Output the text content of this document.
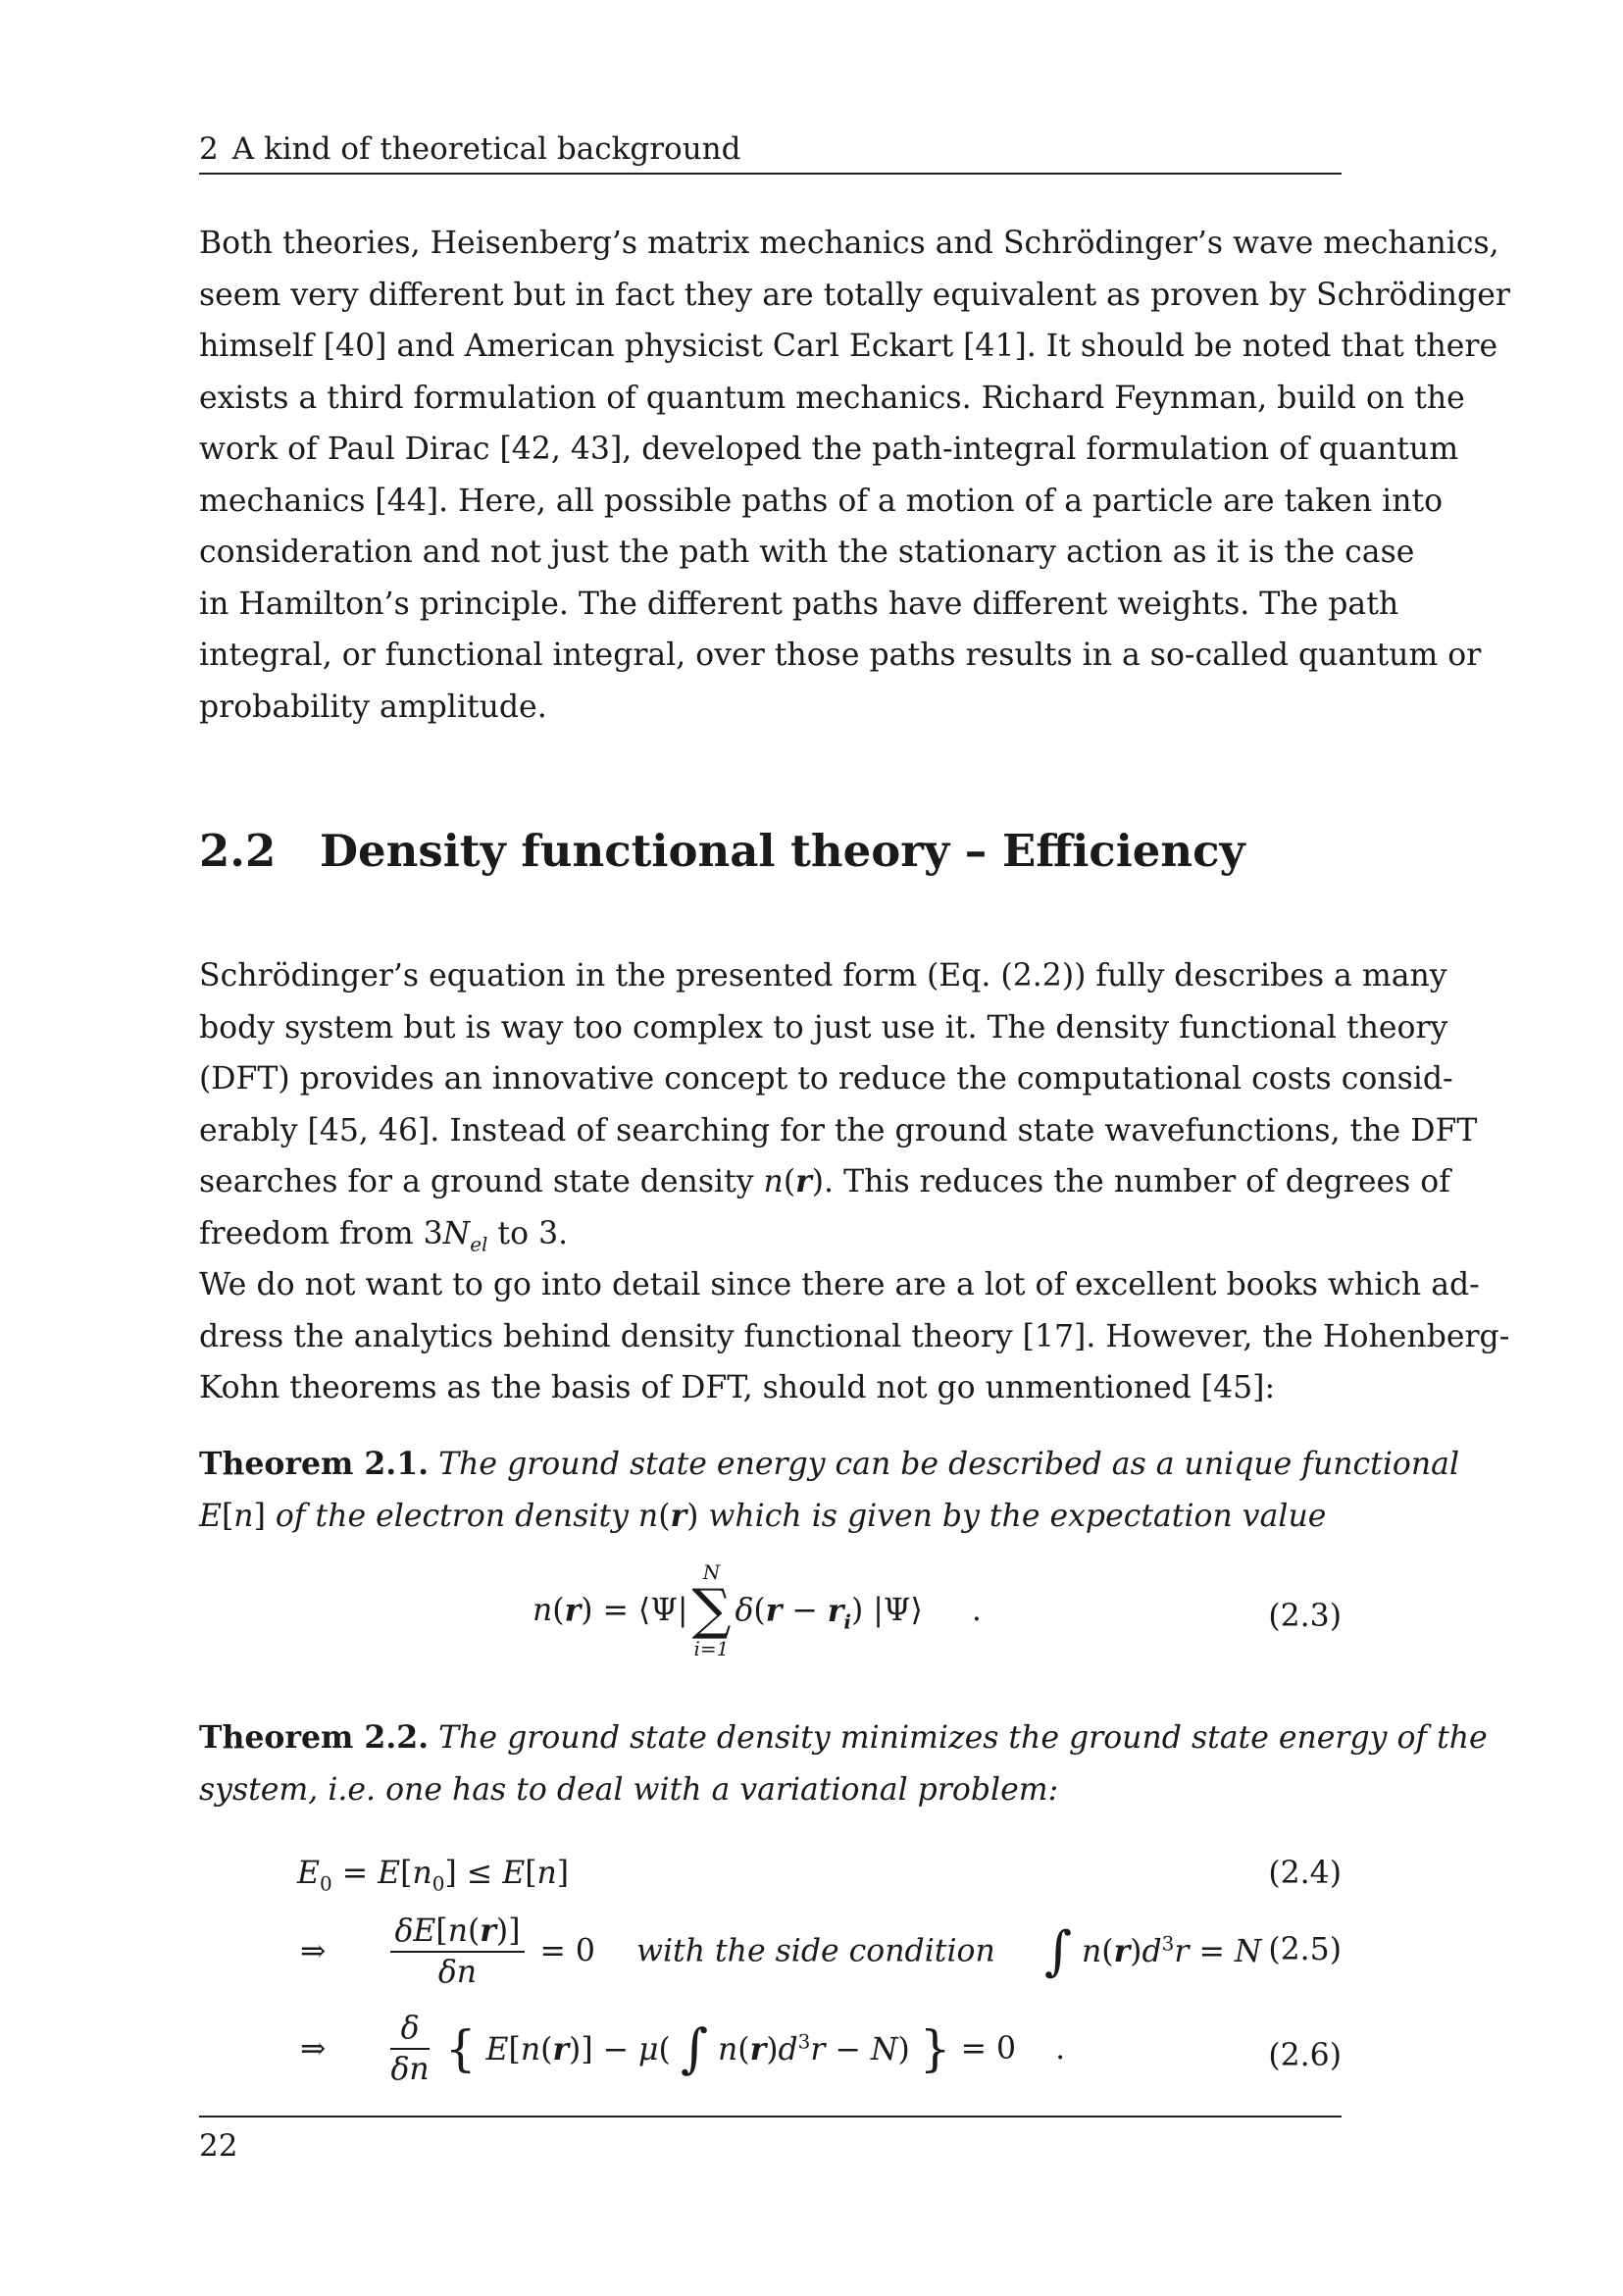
2 A kind of theoretical background
Both theories, Heisenberg’s matrix mechanics and Schrödinger’s wave mechanics,
seem very different but in fact they are totally equivalent as proven by Schrödinger
himself [40] and American physicist Carl Eckart [41]. It should be noted that there
exists a third formulation of quantum mechanics. Richard Feynman, build on the
work of Paul Dirac [42, 43], developed the path-integral formulation of quantum
mechanics [44]. Here, all possible paths of a motion of a particle are taken into
consideration and not just the path with the stationary action as it is the case
in Hamilton’s principle. The different paths have different weights. The path
integral, or functional integral, over those paths results in a so-called quantum or
probability amplitude.
2.2 Density functional theory – Efficiency
Schrödinger’s equation in the presented form (Eq. (2.2)) fully describes a many
body system but is way too complex to just use it. The density functional theory
(DFT) provides an innovative concept to reduce the computational costs consid-
erably [45, 46]. Instead of searching for the ground state wavefunctions, the DFT
searches for a ground state density n(r). This reduces the number of degrees of
freedom from $3N_{el}$ to 3.
We do not want to go into detail since there are a lot of excellent books which ad-
dress the analytics behind density functional theory [17]. However, the Hohenberg-
Kohn theorems as the basis of DFT, should not go unmentioned [45]:
Theorem 2.1. The ground state energy can be described as a unique functional
E[n] of the electron density n(r) which is given by the expectation value
n(r) = ⟨Ψ|
N
∑
i=1
$\delta(r - r_i)$ |Ψ⟩     .	(2.3)
Theorem 2.2. The ground state density minimizes the ground state energy of the
system, i.e. one has to deal with a variational problem:
$E_0 = E[n_0] \le E[n]$	(2.4)
⇒ $\frac{\delta E[n(r)]}{\delta n} = 0$ with the side condition ∫ $n(r)d^3r = N$ (2.5)
⇒ $\frac{\delta}{\delta n}$ { E[n(r)] − μ( ∫ $n(r)d^3r - N$) } = 0    .	(2.6)
22
